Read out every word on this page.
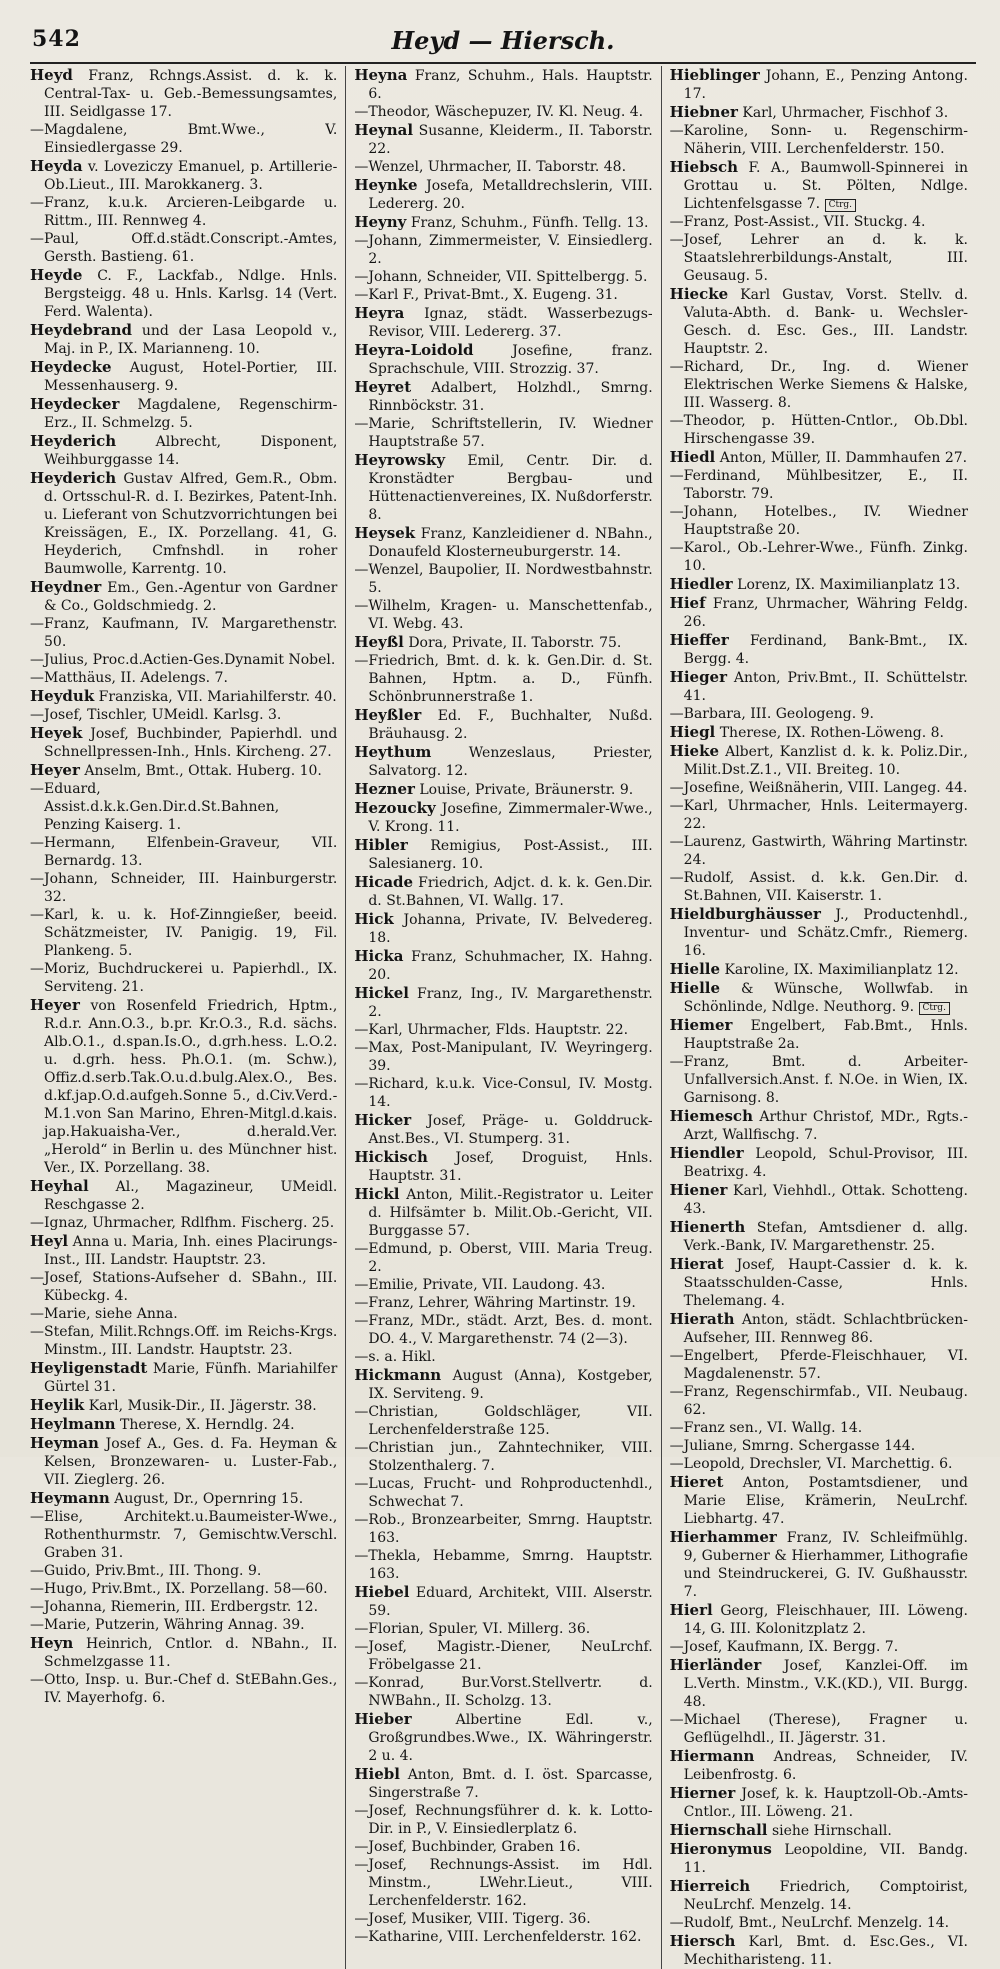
542	Heyd — Hiersch.

Heyd Franz, Rchngs.Assist. d. k. k. Central-Tax- u. Geb.-Bemessungsamtes, III. Seidlgasse 17.

—Magdalene, Bmt.Wwe., V. Einsiedlergasse 29.

Heyda v. Loveziczy Emanuel, p. Artillerie-Ob.Lieut., III. Marokkanerg. 3.

—Franz, k.u.k. Arcieren-Leibgarde u. Rittm., III. Rennweg 4.

—Paul, Off.d.städt.Conscript.-Amtes, Gersth. Bastieng. 61.

Heyde C. F., Lackfab., Ndlge. Hnls. Bergsteigg. 48 u. Hnls. Karlsg. 14 (Vert. Ferd. Walenta).

Heydebrand und der Lasa Leopold v., Maj. in P., IX. Marianneng. 10.

Heydecke August, Hotel-Portier, III. Messenhauserg. 9.

Heydecker Magdalene, Regenschirm-Erz., II. Schmelzg. 5.

Heyderich	Albrecht, Disponent, Weihburggasse 14.

Heyderich Gustav Alfred, Gem.R., Obm. d. Ortsschul-R. d. I. Bezirkes, Patent-Inh. u. Lieferant von Schutzvorrichtungen bei Kreissägen, E., IX. Porzellang. 41, G. Heyderich, Cmfnshdl. in roher Baumwolle, Karrentg. 10.

Heydner Em., Gen.-Agentur von Gardner & Co., Goldschmiedg. 2.

—Franz, Kaufmann, IV. Margarethenstr. 50.

—Julius, Proc.d.Actien-Ges.Dynamit Nobel.

—Matthäus, II. Adelengs. 7.

Heyduk Franziska, VII. Mariahilferstr. 40.

—Josef, Tischler, UMeidl. Karlsg. 3.

Heyek Josef, Buchbinder, Papierhdl. und Schnellpressen-Inh., Hnls. Kircheng. 27.

Heyer Anselm, Bmt., Ottak. Huberg. 10.

—Eduard, Assist.d.k.k.Gen.Dir.d.St.Bahnen, Penzing Kaiserg. 1.

—Hermann, Elfenbein-Graveur, VII. Bernardg. 13.

—Johann, Schneider, III. Hainburgerstr. 32.

—Karl, k. u. k. Hof-Zinngießer, beeid. Schätzmeister, IV. Panigig. 19, Fil. Plankeng. 5.

—Moriz, Buchdruckerei u. Papierhdl., IX. Serviteng. 21.

Heyer von Rosenfeld Friedrich, Hptm., R.d.r. Ann.O.3., b.pr. Kr.O.3., R.d. sächs. Alb.O.1., d.span.Is.O., d.grh.hess. L.O.2. u. d.grh. hess. Ph.O.1. (m. Schw.), Offiz.d.serb.Tak.O.u.d.bulg.Alex.O., Bes. d.kf.jap.O.d.aufgeh.Sonne 5., d.Civ.Verd.-M.1.von San Marino, Ehren-Mitgl.d.kais. jap.Hakuaisha-Ver., d.herald.Ver.„Herold“ in Berlin u. des Münchner hist. Ver., IX. Porzellang. 38.

Heyhal Al., Magazineur, UMeidl. Reschgasse 2.

—Ignaz, Uhrmacher, Rdlfhm. Fischerg. 25.

Heyl Anna u. Maria, Inh. eines Placirungs-Inst., III. Landstr. Hauptstr. 23.

—Josef, Stations-Aufseher d. SBahn., III. Kübeckg. 4.

—Marie, siehe Anna.

—Stefan, Milit.Rchngs.Off. im Reichs-Krgs. Minstm., III. Landstr. Hauptstr. 23.

Heyligenstadt Marie, Fünfh. Mariahilfer Gürtel 31.

Heylik Karl, Musik-Dir., II. Jägerstr. 38.

Heylmann Therese, X. Herndlg. 24.

Heyman Josef A., Ges. d. Fa. Heyman & Kelsen, Bronzewaren- u. Luster-Fab., VII. Zieglerg. 26.

Heymann August, Dr., Opernring 15.

—Elise, Architekt.u.Baumeister-Wwe., Rothenthurmstr. 7, Gemischtw.Verschl. Graben 31.

—Guido, Priv.Bmt., III. Thong. 9.

—Hugo, Priv.Bmt., IX. Porzellang. 58—60.

—Johanna, Riemerin, III. Erdbergstr. 12.

—Marie, Putzerin, Währing Annag. 39.

Heyn Heinrich, Cntlor. d. NBahn., II. Schmelzgasse 11.

—Otto, Insp. u. Bur.-Chef d. StEBahn.Ges., IV. Mayerhofg. 6.

Heyna Franz, Schuhm., Hals. Hauptstr. 6.

—Theodor, Wäschepuzer, IV. Kl. Neug. 4.

Heynal Susanne, Kleiderm., II. Taborstr. 22.

—Wenzel, Uhrmacher, II. Taborstr. 48.

Heynke Josefa, Metalldrechslerin, VIII. Ledererg. 20.

Heyny Franz, Schuhm., Fünfh. Tellg. 13.

—Johann, Zimmermeister, V. Einsiedlerg. 2.

—Johann, Schneider, VII. Spittelbergg. 5.

—Karl F., Privat-Bmt., X. Eugeng. 31.

Heyra Ignaz, städt. Wasserbezugs-Revisor, VIII. Ledererg. 37.

Heyra-Loidold	Josefine, franz. Sprachschule, VIII. Strozzig. 37.

Heyret Adalbert, Holzhdl., Smrng. Rinnböckstr. 31.

—Marie, Schriftstellerin, IV. Wiedner Hauptstraße 57.

Heyrowsky Emil, Centr. Dir. d. Kronstädter Bergbau- und Hüttenactienvereines, IX. Nußdorferstr. 8.

Heysek Franz, Kanzleidiener d. NBahn., Donaufeld Klosterneuburgerstr. 14.

—Wenzel, Baupolier, II. Nordwestbahnstr. 5.

—Wilhelm, Kragen- u. Manschettenfab., VI. Webg. 43.

Heyßl Dora, Private, II. Taborstr. 75.

—Friedrich, Bmt. d. k. k. Gen.Dir. d. St. Bahnen, Hptm. a. D., Fünfh. Schönbrunnerstraße 1.

Heyßler Ed. F., Buchhalter, Nußd. Bräuhausg. 2.

Heythum	Wenzeslaus, Priester, Salvatorg. 12.

Hezner Louise, Private, Bräunerstr. 9.

Hezoucky Josefine, Zimmermaler-Wwe., V. Krong. 11.

Hibler Remigius, Post-Assist., III. Salesianerg. 10.

Hicade Friedrich, Adjct. d. k. k. Gen.Dir. d. St.Bahnen, VI. Wallg. 17.

Hick Johanna, Private, IV. Belvedereg. 18.

Hicka Franz, Schuhmacher, IX. Hahng. 20.

Hickel Franz, Ing., IV. Margarethenstr. 2.

—Karl, Uhrmacher, Flds. Hauptstr. 22.

—Max, Post-Manipulant, IV. Weyringerg. 39.

—Richard, k.u.k. Vice-Consul, IV. Mostg. 14.

Hicker Josef, Präge- u. Golddruck-Anst.Bes., VI. Stumperg. 31.

Hickisch Josef, Droguist, Hnls. Hauptstr. 31.

Hickl Anton, Milit.-Registrator u. Leiter d. Hilfsämter b. Milit.Ob.-Gericht, VII. Burggasse 57.

—Edmund, p. Oberst, VIII. Maria Treug. 2.

—Emilie, Private, VII. Laudong. 43.

—Franz, Lehrer, Währing Martinstr. 19.

—Franz, MDr., städt. Arzt, Bes. d. mont. DO. 4., V. Margarethenstr. 74 (2—3).

—s. a. Hikl.

Hickmann August (Anna), Kostgeber, IX. Serviteng. 9.

—Christian, Goldschläger, VII. Lerchenfelderstraße 125.

—Christian jun., Zahntechniker, VIII. Stolzenthalerg. 7.

—Lucas, Frucht- und Rohproductenhdl., Schwechat 7.

—Rob., Bronzearbeiter, Smrng. Hauptstr. 163.

—Thekla, Hebamme, Smrng. Hauptstr. 163.

Hiebel Eduard, Architekt, VIII. Alserstr. 59.

—Florian, Spuler, VI. Millerg. 36.

—Josef, Magistr.-Diener, NeuLrchf. Fröbelgasse 21.

—Konrad, Bur.Vorst.Stellvertr. d. NWBahn., II. Scholzg. 13.

Hieber	Albertine Edl. v., Großgrundbes.Wwe., IX. Währingerstr. 2 u. 4.

Hiebl Anton, Bmt. d. I. öst. Sparcasse, Singerstraße 7.

—Josef, Rechnungsführer d. k. k. Lotto-Dir. in P., V. Einsiedlerplatz 6.

—Josef, Buchbinder, Graben 16.

—Josef, Rechnungs-Assist. im Hdl. Minstm., LWehr.Lieut., VIII. Lerchenfelderstr. 162.

—Josef, Musiker, VIII. Tigerg. 36.

—Katharine, VIII. Lerchenfelderstr. 162.

Hieblinger Johann, E., Penzing Antong. 17.

Hiebner Karl, Uhrmacher, Fischhof 3.

—Karoline, Sonn- u. Regenschirm-Näherin, VIII. Lerchenfelderstr. 150.

Hiebsch F. A., Baumwoll-Spinnerei in Grottau u. St. Pölten, Ndlge. Lichtenfelsgasse 7. Ctrg.

—Franz, Post-Assist., VII. Stuckg. 4.

—Josef, Lehrer an d. k. k. Staatslehrerbildungs-Anstalt, III. Geusaug. 5.

Hiecke Karl Gustav, Vorst. Stellv. d. Valuta-Abth. d. Bank- u. Wechsler-Gesch. d. Esc. Ges., III. Landstr. Hauptstr. 2.

—Richard, Dr., Ing. d. Wiener Elektrischen Werke Siemens & Halske, III. Wasserg. 8.

—Theodor, p. Hütten-Cntlor., Ob.Dbl. Hirschengasse 39.

Hiedl Anton, Müller, II. Dammhaufen 27.

—Ferdinand, Mühlbesitzer, E., II. Taborstr. 79.

—Johann, Hotelbes., IV. Wiedner Hauptstraße 20.

—Karol., Ob.-Lehrer-Wwe., Fünfh. Zinkg. 10.

Hiedler Lorenz, IX. Maximilianplatz 13.

Hief Franz, Uhrmacher, Währing Feldg. 26.

Hieffer Ferdinand, Bank-Bmt., IX. Bergg. 4.

Hieger Anton, Priv.Bmt., II. Schüttelstr. 41.

—Barbara, III. Geologeng. 9.

Hiegl Therese, IX. Rothen-Löweng. 8.

Hieke Albert, Kanzlist d. k. k. Poliz.Dir., Milit.Dst.Z.1., VII. Breiteg. 10.

—Josefine, Weißnäherin, VIII. Langeg. 44.

—Karl, Uhrmacher, Hnls. Leitermayerg. 22.

—Laurenz, Gastwirth, Währing Martinstr. 24.

—Rudolf, Assist. d. k.k. Gen.Dir. d. St.Bahnen, VII. Kaiserstr. 1.

Hieldburghäusser J., Productenhdl., Inventur- und Schätz.Cmfr., Riemerg. 16.

Hielle Karoline, IX. Maximilianplatz 12.

Hielle & Wünsche, Wollwfab. in Schönlinde, Ndlge. Neuthorg. 9. Ctrg.

Hiemer Engelbert, Fab.Bmt., Hnls. Hauptstraße 2a.

—Franz, Bmt. d. Arbeiter-Unfallversich.Anst. f. N.Oe. in Wien, IX. Garnisong. 8.

Hiemesch Arthur Christof, MDr., Rgts.-Arzt, Wallfischg. 7.

Hiendler Leopold, Schul-Provisor, III. Beatrixg. 4.

Hiener Karl, Viehhdl., Ottak. Schotteng. 43.

Hienerth Stefan, Amtsdiener d. allg. Verk.-Bank, IV. Margarethenstr. 25.

Hierat Josef, Haupt-Cassier d. k. k. Staatsschulden-Casse, Hnls. Thelemang. 4.

Hierath Anton, städt. Schlachtbrücken-Aufseher, III. Rennweg 86.

—Engelbert, Pferde-Fleischhauer, VI. Magdalenenstr. 57.

—Franz, Regenschirmfab., VII. Neubaug. 62.

—Franz sen., VI. Wallg. 14.

—Juliane, Smrng. Schergasse 144.

—Leopold, Drechsler, VI. Marchettig. 6.

Hieret Anton, Postamtsdiener, und Marie Elise, Krämerin, NeuLrchf. Liebhartg. 47.

Hierhammer Franz, IV. Schleifmühlg. 9, Guberner & Hierhammer, Lithografie und Steindruckerei, G. IV. Gußhausstr. 7.

Hierl Georg, Fleischhauer, III. Löweng. 14, G. III. Kolonitzplatz 2.

—Josef, Kaufmann, IX. Bergg. 7.

Hierländer Josef, Kanzlei-Off. im L.Verth. Minstm., V.K.(KD.), VII. Burgg. 48.

—Michael (Therese), Fragner u. Geflügelhdl., II. Jägerstr. 31.

Hiermann Andreas, Schneider, IV. Leibenfrostg. 6.

Hierner Josef, k. k. Hauptzoll-Ob.-Amts-Cntlor., III. Löweng. 21.

Hiernschall siehe Hirnschall.

Hieronymus Leopoldine, VII. Bandg. 11.

Hierreich Friedrich, Comptoirist, NeuLrchf. Menzelg. 14.

—Rudolf, Bmt., NeuLrchf. Menzelg. 14.

Hiersch Karl, Bmt. d. Esc.Ges., VI. Mechitharisteng. 11.
